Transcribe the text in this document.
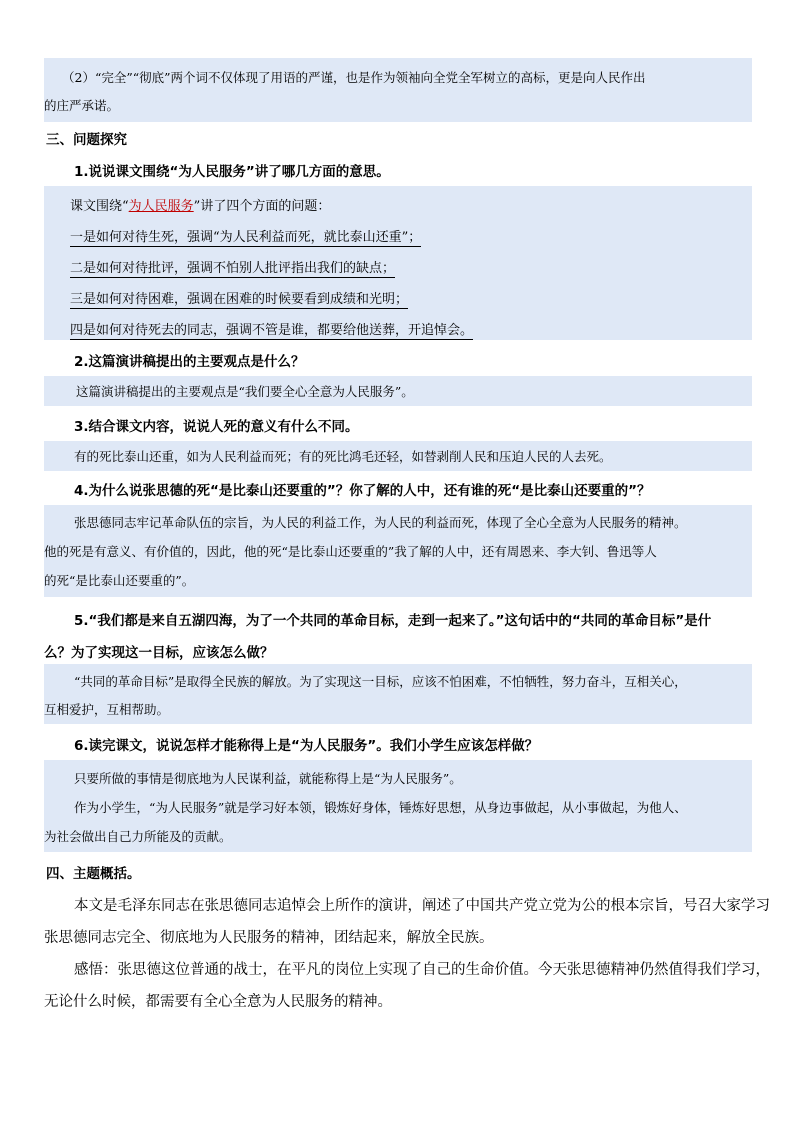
（2）“完全”“彻底”两个词不仅体现了用语的严谨，也是作为领袖向全党全军树立的高标，更是向人民作出

的庄严承诺。

三、问题探究
1.说说课文围绕“为人民服务”讲了哪几方面的意思。

课文围绕“为人民服务”讲了四个方面的问题：

一是如何对待生死，强调“为人民利益而死，就比泰山还重”；

二是如何对待批评，强调不怕别人批评指出我们的缺点；

三是如何对待困难，强调在困难的时候要看到成绩和光明；

四是如何对待死去的同志，强调不管是谁，都要给他送葬，开追悼会。

2.这篇演讲稿提出的主要观点是什么？

这篇演讲稿提出的主要观点是“我们要全心全意为人民服务”。

3.结合课文内容，说说人死的意义有什么不同。

有的死比泰山还重，如为人民利益而死；有的死比鸿毛还轻，如替剥削人民和压迫人民的人去死。

4.为什么说张思德的死“是比泰山还要重的”？你了解的人中，还有谁的死“是比泰山还要重的”？

张思德同志牢记革命队伍的宗旨，为人民的利益工作，为人民的利益而死，体现了全心全意为人民服务的精神。

他的死是有意义、有价值的，因此，他的死“是比泰山还要重的”我了解的人中，还有周恩来、李大钊、鲁迅等人

的死“是比泰山还要重的”。

5.“我们都是来自五湖四海，为了一个共同的革命目标，走到一起来了。”这句话中的“共同的革命目标”是什

么？为了实现这一目标，应该怎么做？

“共同的革命目标”是取得全民族的解放。为了实现这一目标，应该不怕困难，不怕牺牲，努力奋斗，互相关心，

互相爱护，互相帮助。

6.读完课文，说说怎样才能称得上是“为人民服务”。我们小学生应该怎样做？

只要所做的事情是彻底地为人民谋利益，就能称得上是“为人民服务”。

作为小学生，“为人民服务”就是学习好本领，锻炼好身体，锤炼好思想，从身边事做起，从小事做起，为他人、

为社会做出自己力所能及的贡献。

四、主题概括。

本文是毛泽东同志在张思德同志追悼会上所作的演讲，阐述了中国共产党立党为公的根本宗旨，号召大家学习

张思德同志完全、彻底地为人民服务的精神，团结起来，解放全民族。

感悟：张思德这位普通的战士，在平凡的岗位上实现了自己的生命价值。今天张思德精神仍然值得我们学习，

无论什么时候，都需要有全心全意为人民服务的精神。
